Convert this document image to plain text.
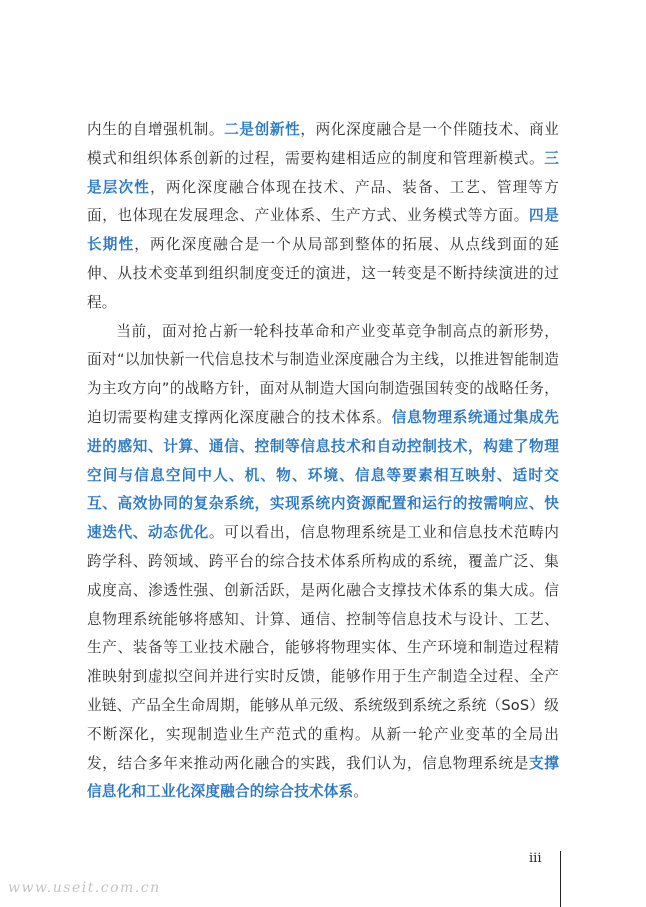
内生的自增强机制。二是创新性，两化深度融合是一个伴随技术、商业模式和组织体系创新的过程，需要构建相适应的制度和管理新模式。三是层次性，两化深度融合体现在技术、产品、装备、工艺、管理等方面，也体现在发展理念、产业体系、生产方式、业务模式等方面。四是长期性，两化深度融合是一个从局部到整体的拓展、从点线到面的延伸、从技术变革到组织制度变迁的演进，这一转变是不断持续演进的过程。

当前，面对抢占新一轮科技革命和产业变革竞争制高点的新形势，面对“以加快新一代信息技术与制造业深度融合为主线，以推进智能制造为主攻方向”的战略方针，面对从制造大国向制造强国转变的战略任务，迫切需要构建支撑两化深度融合的技术体系。信息物理系统通过集成先进的感知、计算、通信、控制等信息技术和自动控制技术，构建了物理空间与信息空间中人、机、物、环境、信息等要素相互映射、适时交互、高效协同的复杂系统，实现系统内资源配置和运行的按需响应、快速迭代、动态优化。可以看出，信息物理系统是工业和信息技术范畴内跨学科、跨领域、跨平台的综合技术体系所构成的系统，覆盖广泛、集成度高、渗透性强、创新活跃，是两化融合支撑技术体系的集大成。信息物理系统能够将感知、计算、通信、控制等信息技术与设计、工艺、生产、装备等工业技术融合，能够将物理实体、生产环境和制造过程精准映射到虚拟空间并进行实时反馈，能够作用于生产制造全过程、全产业链、产品全生命周期，能够从单元级、系统级到系统之系统（SoS）级不断深化，实现制造业生产范式的重构。从新一轮产业变革的全局出发，结合多年来推动两化融合的实践，我们认为，信息物理系统是支撑信息化和工业化深度融合的综合技术体系。

iii
www.useit.com.cn
